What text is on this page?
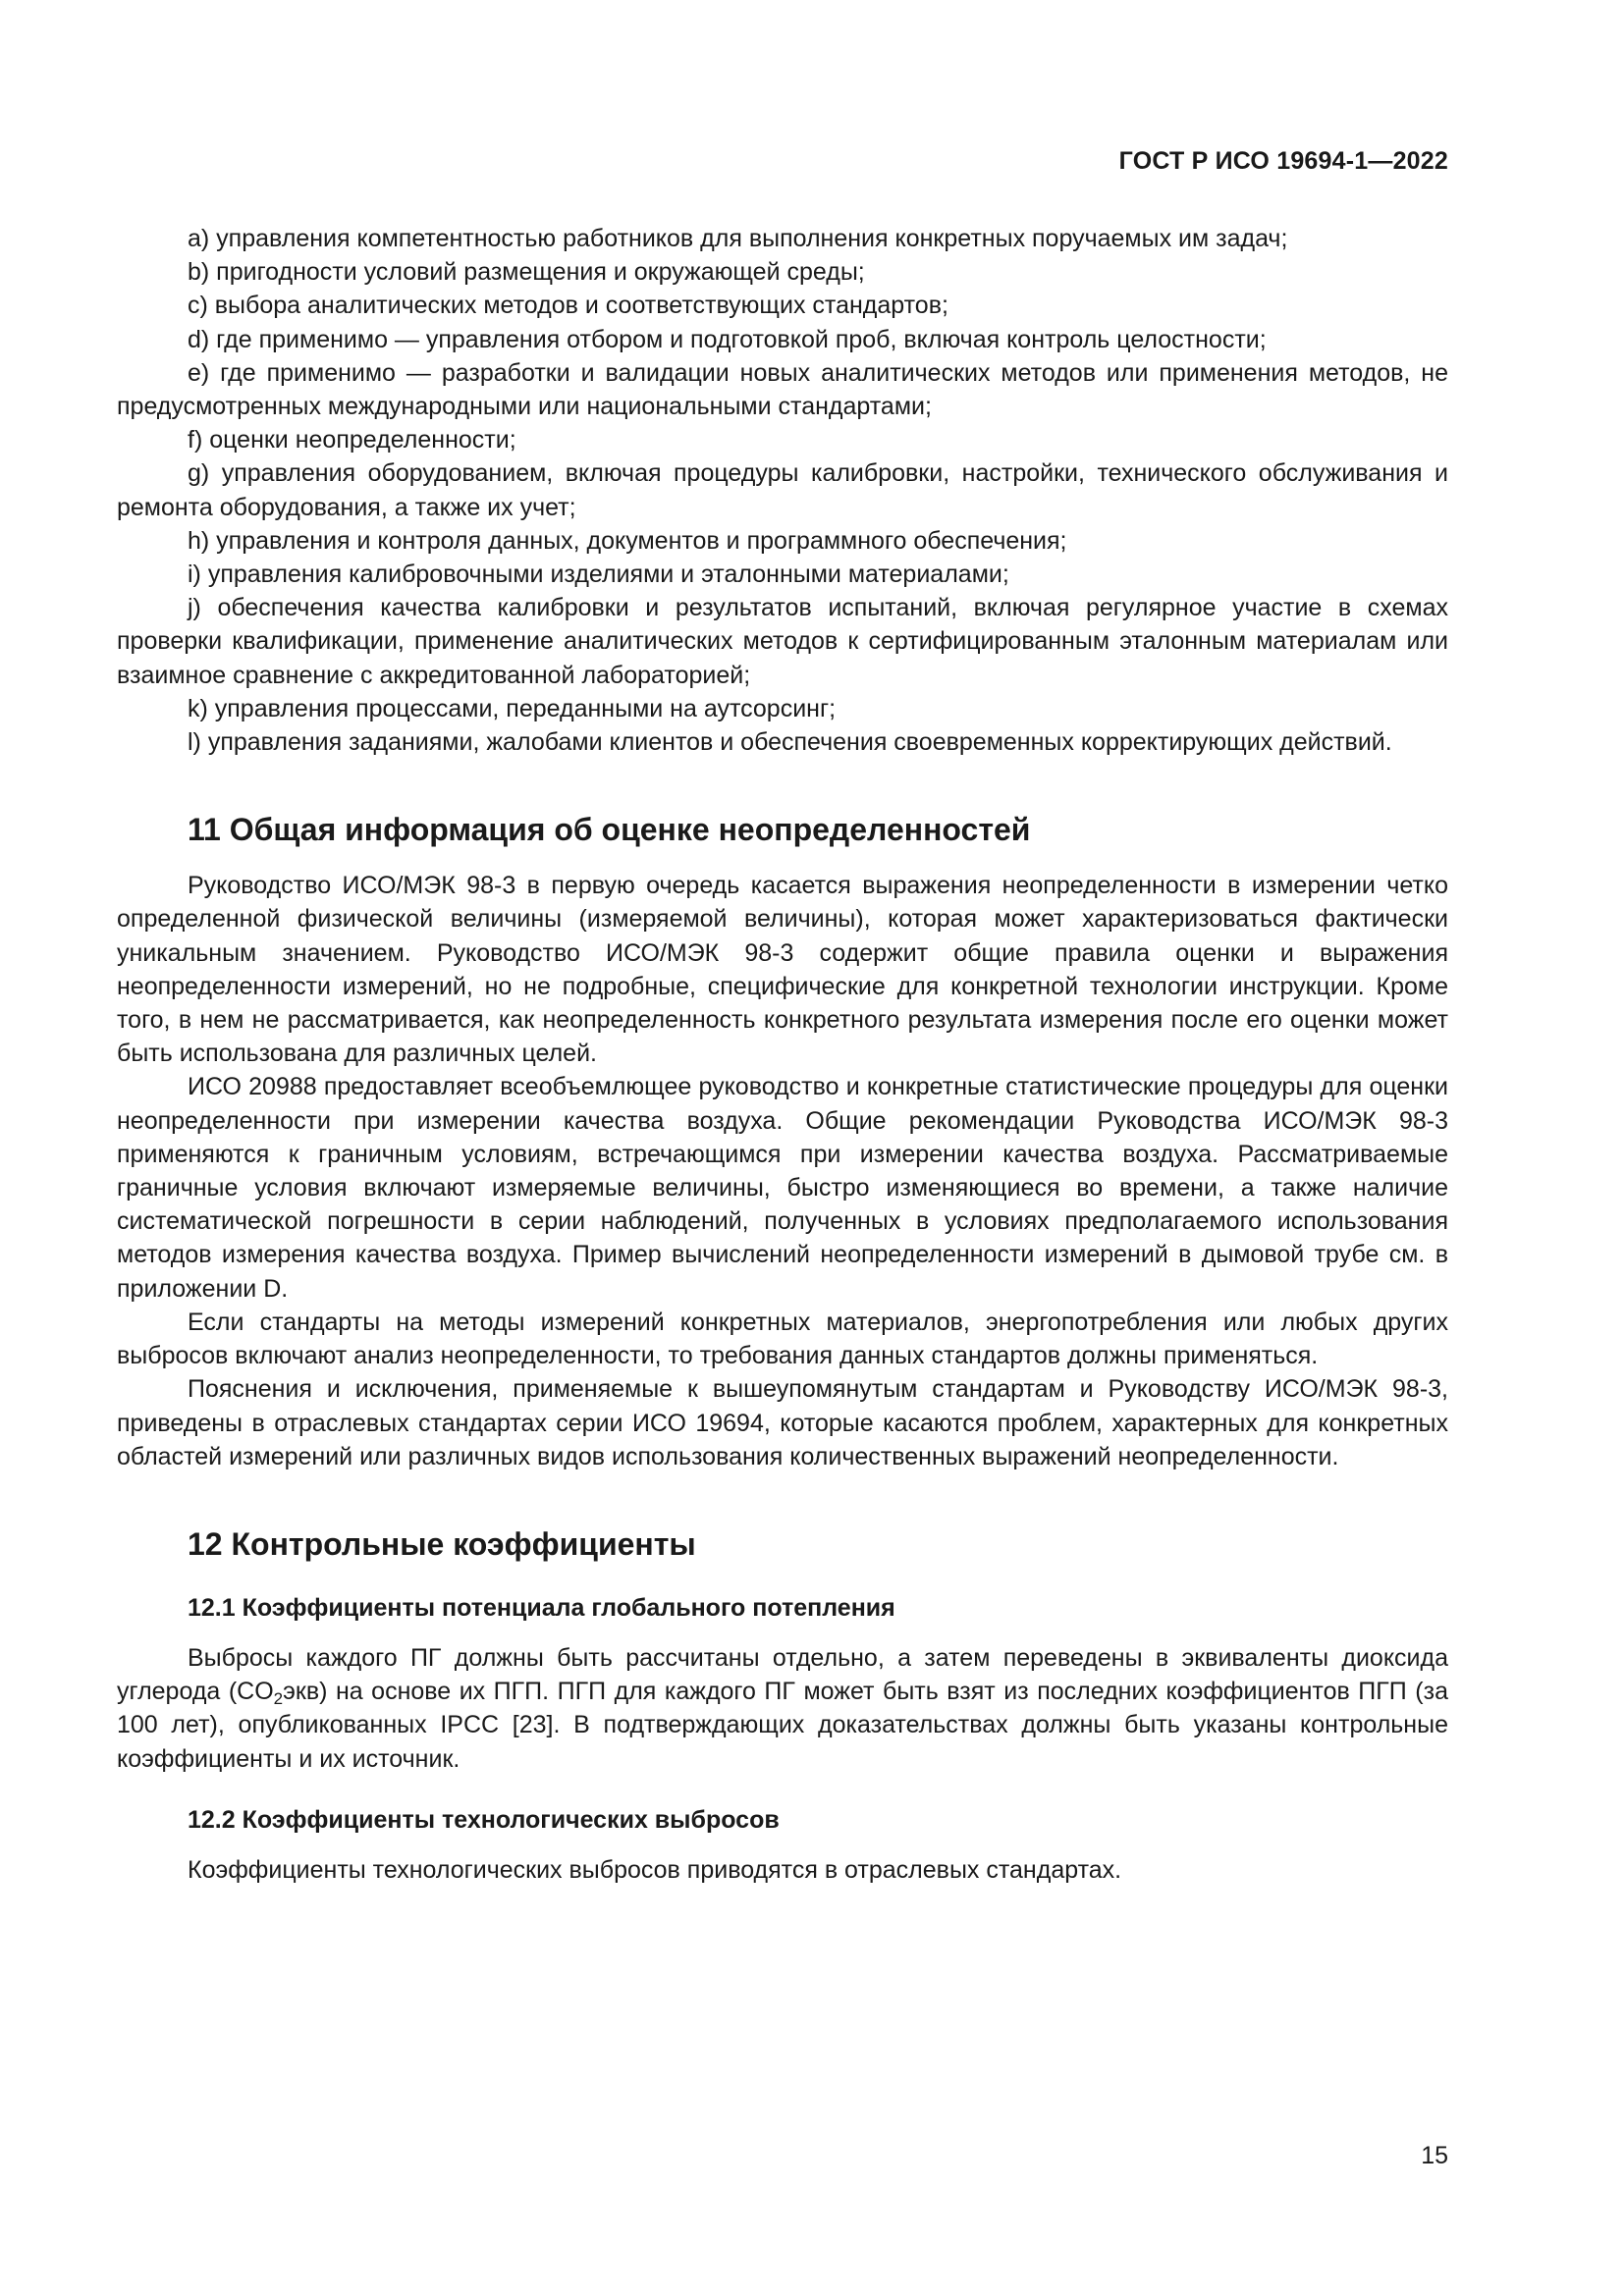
ГОСТ Р ИСО 19694-1—2022

a) управления компетентностью работников для выполнения конкретных поручаемых им задач;

b) пригодности условий размещения и окружающей среды;

c) выбора аналитических методов и соответствующих стандартов;

d) где применимо — управления отбором и подготовкой проб, включая контроль целостности;

e) где применимо — разработки и валидации новых аналитических методов или применения методов, не предусмотренных международными или национальными стандартами;

f) оценки неопределенности;

g) управления оборудованием, включая процедуры калибровки, настройки, технического обслуживания и ремонта оборудования, а также их учет;

h) управления и контроля данных, документов и программного обеспечения;

i) управления калибровочными изделиями и эталонными материалами;

j) обеспечения качества калибровки и результатов испытаний, включая регулярное участие в схемах проверки квалификации, применение аналитических методов к сертифицированным эталонным материалам или взаимное сравнение с аккредитованной лабораторией;

k) управления процессами, переданными на аутсорсинг;

l) управления заданиями, жалобами клиентов и обеспечения своевременных корректирующих действий.

11 Общая информация об оценке неопределенностей

Руководство ИСО/МЭК 98-3 в первую очередь касается выражения неопределенности в измерении четко определенной физической величины (измеряемой величины), которая может характеризоваться фактически уникальным значением. Руководство ИСО/МЭК 98-3 содержит общие правила оценки и выражения неопределенности измерений, но не подробные, специфические для конкретной технологии инструкции. Кроме того, в нем не рассматривается, как неопределенность конкретного результата измерения после его оценки может быть использована для различных целей.

ИСО 20988 предоставляет всеобъемлющее руководство и конкретные статистические процедуры для оценки неопределенности при измерении качества воздуха. Общие рекомендации Руководства ИСО/МЭК 98-3 применяются к граничным условиям, встречающимся при измерении качества воздуха. Рассматриваемые граничные условия включают измеряемые величины, быстро изменяющиеся во времени, а также наличие систематической погрешности в серии наблюдений, полученных в условиях предполагаемого использования методов измерения качества воздуха. Пример вычислений неопределенности измерений в дымовой трубе см. в приложении D.

Если стандарты на методы измерений конкретных материалов, энергопотребления или любых других выбросов включают анализ неопределенности, то требования данных стандартов должны применяться.

Пояснения и исключения, применяемые к вышеупомянутым стандартам и Руководству ИСО/МЭК 98-3, приведены в отраслевых стандартах серии ИСО 19694, которые касаются проблем, характерных для конкретных областей измерений или различных видов использования количественных выражений неопределенности.

12 Контрольные коэффициенты
12.1 Коэффициенты потенциала глобального потепления

Выбросы каждого ПГ должны быть рассчитаны отдельно, а затем переведены в эквиваленты диоксида углерода $(CO_2экв)$ на основе их ПГП. ПГП для каждого ПГ может быть взят из последних коэффициентов ПГП (за 100 лет), опубликованных IPCC [23]. В подтверждающих доказательствах должны быть указаны контрольные коэффициенты и их источник.

12.2 Коэффициенты технологических выбросов

Коэффициенты технологических выбросов приводятся в отраслевых стандартах.

15
